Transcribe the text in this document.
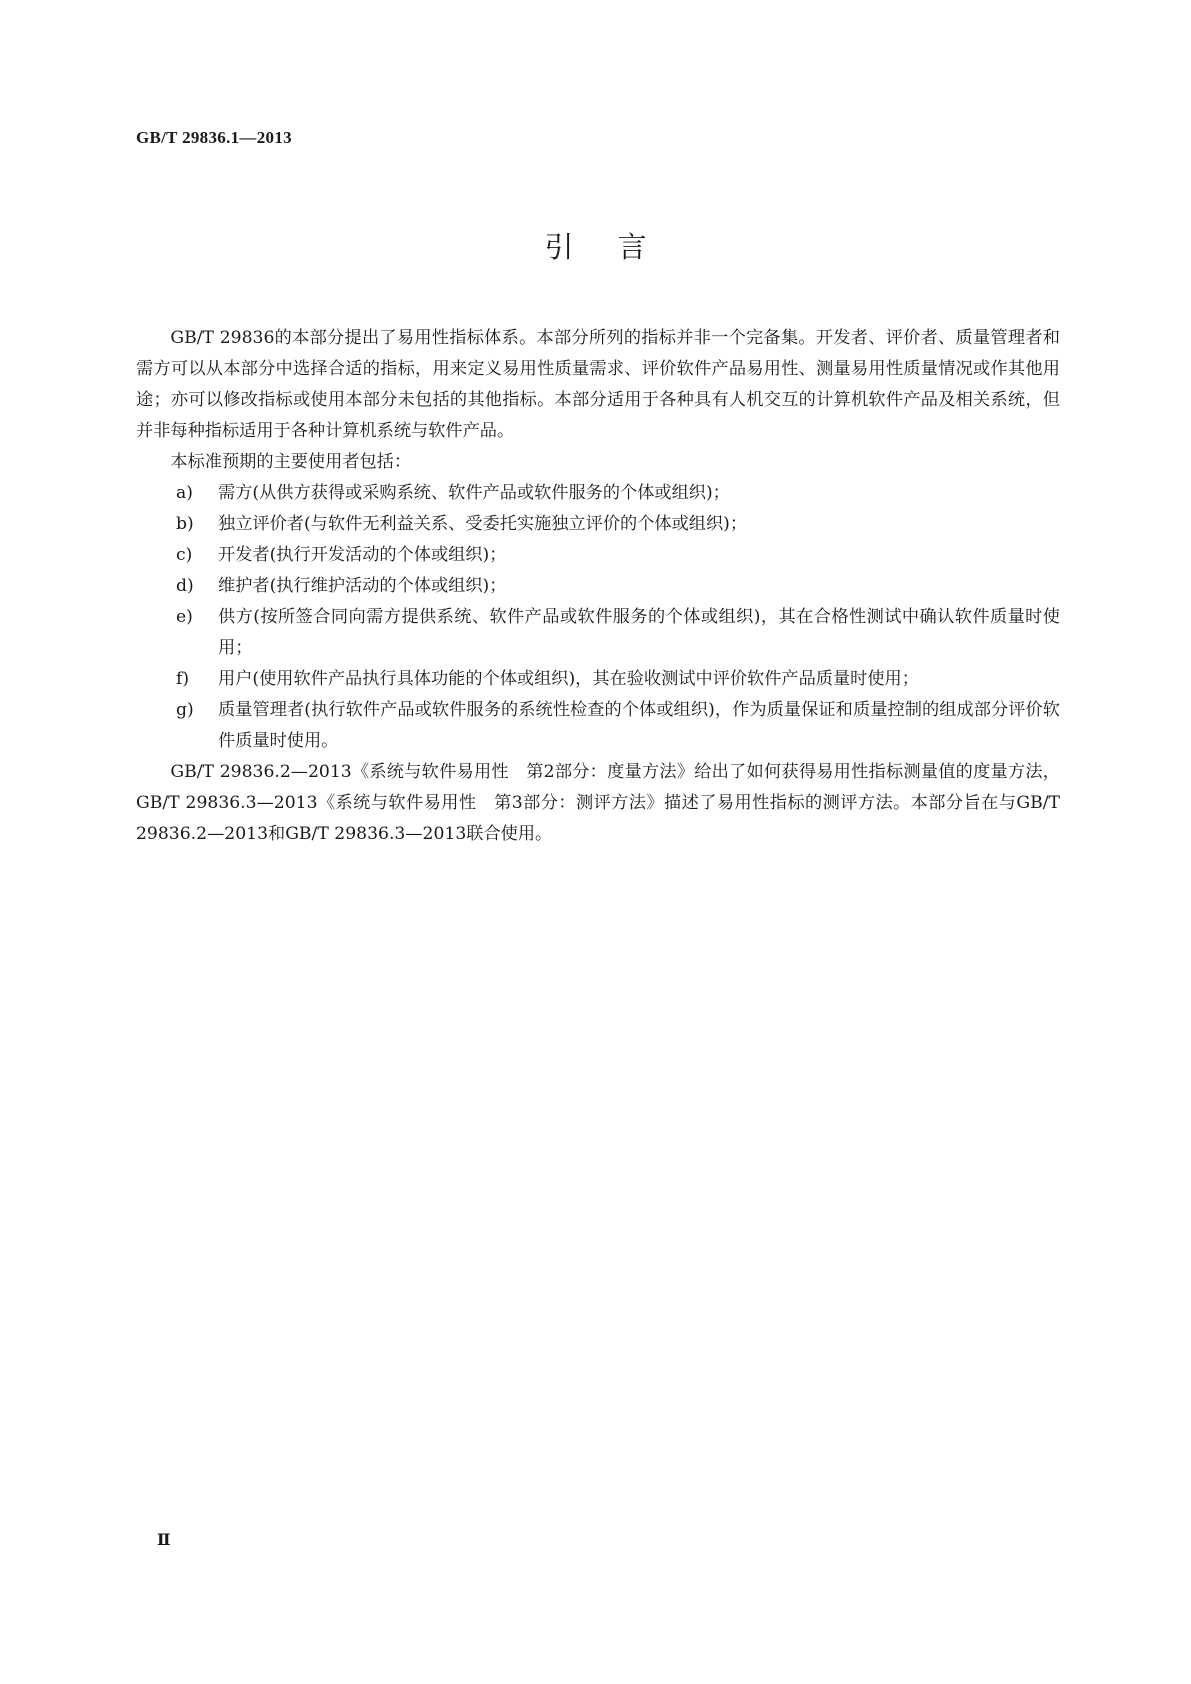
GB/T 29836.1—2013
引言

GB/T 29836的本部分提出了易用性指标体系。本部分所列的指标并非一个完备集。开发者、评价者、质量管理者和需方可以从本部分中选择合适的指标，用来定义易用性质量需求、评价软件产品易用性、测量易用性质量情况或作其他用途；亦可以修改指标或使用本部分未包括的其他指标。本部分适用于各种具有人机交互的计算机软件产品及相关系统，但并非每种指标适用于各种计算机系统与软件产品。

本标准预期的主要使用者包括：

a) 需方(从供方获得或采购系统、软件产品或软件服务的个体或组织)；
b) 独立评价者(与软件无利益关系、受委托实施独立评价的个体或组织)；
c) 开发者(执行开发活动的个体或组织)；
d) 维护者(执行维护活动的个体或组织)；
e) 供方(按所签合同向需方提供系统、软件产品或软件服务的个体或组织)，其在合格性测试中确认软件质量时使用；
f) 用户(使用软件产品执行具体功能的个体或组织)，其在验收测试中评价软件产品质量时使用；
g) 质量管理者(执行软件产品或软件服务的系统性检查的个体或组织)，作为质量保证和质量控制的组成部分评价软件质量时使用。

GB/T 29836.2—2013《系统与软件易用性　第2部分：度量方法》给出了如何获得易用性指标测量值的度量方法，GB/T 29836.3—2013《系统与软件易用性　第3部分：测评方法》描述了易用性指标的测评方法。本部分旨在与GB/T 29836.2—2013和GB/T 29836.3—2013联合使用。

Ⅱ
